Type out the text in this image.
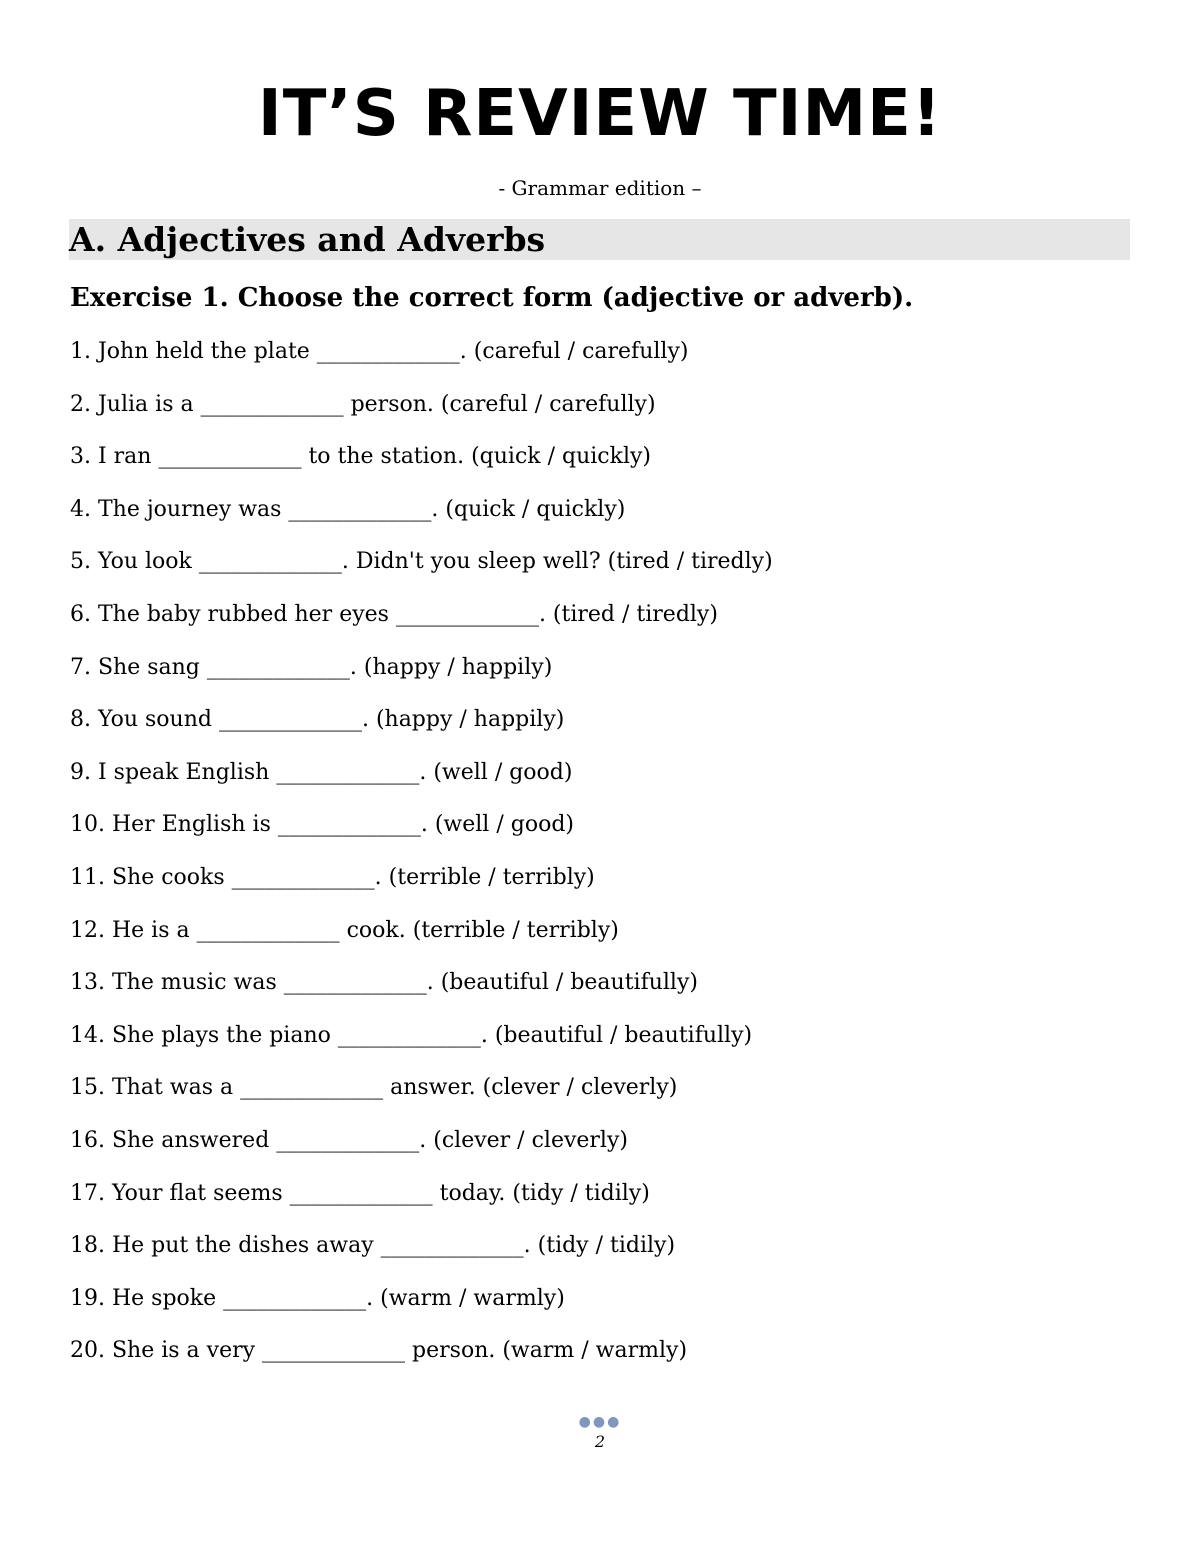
IT’S REVIEW TIME!

- Grammar edition –

A. Adjectives and Adverbs
Exercise 1. Choose the correct form (adjective or adverb).
1. John held the plate _____________. (careful / carefully)
2. Julia is a _____________ person. (careful / carefully)
3. I ran _____________ to the station. (quick / quickly)
4. The journey was _____________. (quick / quickly)
5. You look _____________. Didn't you sleep well? (tired / tiredly)
6. The baby rubbed her eyes _____________. (tired / tiredly)
7. She sang _____________. (happy / happily)
8. You sound _____________. (happy / happily)
9. I speak English _____________. (well / good)
10. Her English is _____________. (well / good)
11. She cooks _____________. (terrible / terribly)
12. He is a _____________ cook. (terrible / terribly)
13. The music was _____________. (beautiful / beautifully)
14. She plays the piano _____________. (beautiful / beautifully)
15. That was a _____________ answer. (clever / cleverly)
16. She answered _____________. (clever / cleverly)
17. Your flat seems _____________ today. (tidy / tidily)
18. He put the dishes away _____________. (tidy / tidily)
19. He spoke _____________. (warm / warmly)
20. She is a very _____________ person. (warm / warmly)
●●●
2
